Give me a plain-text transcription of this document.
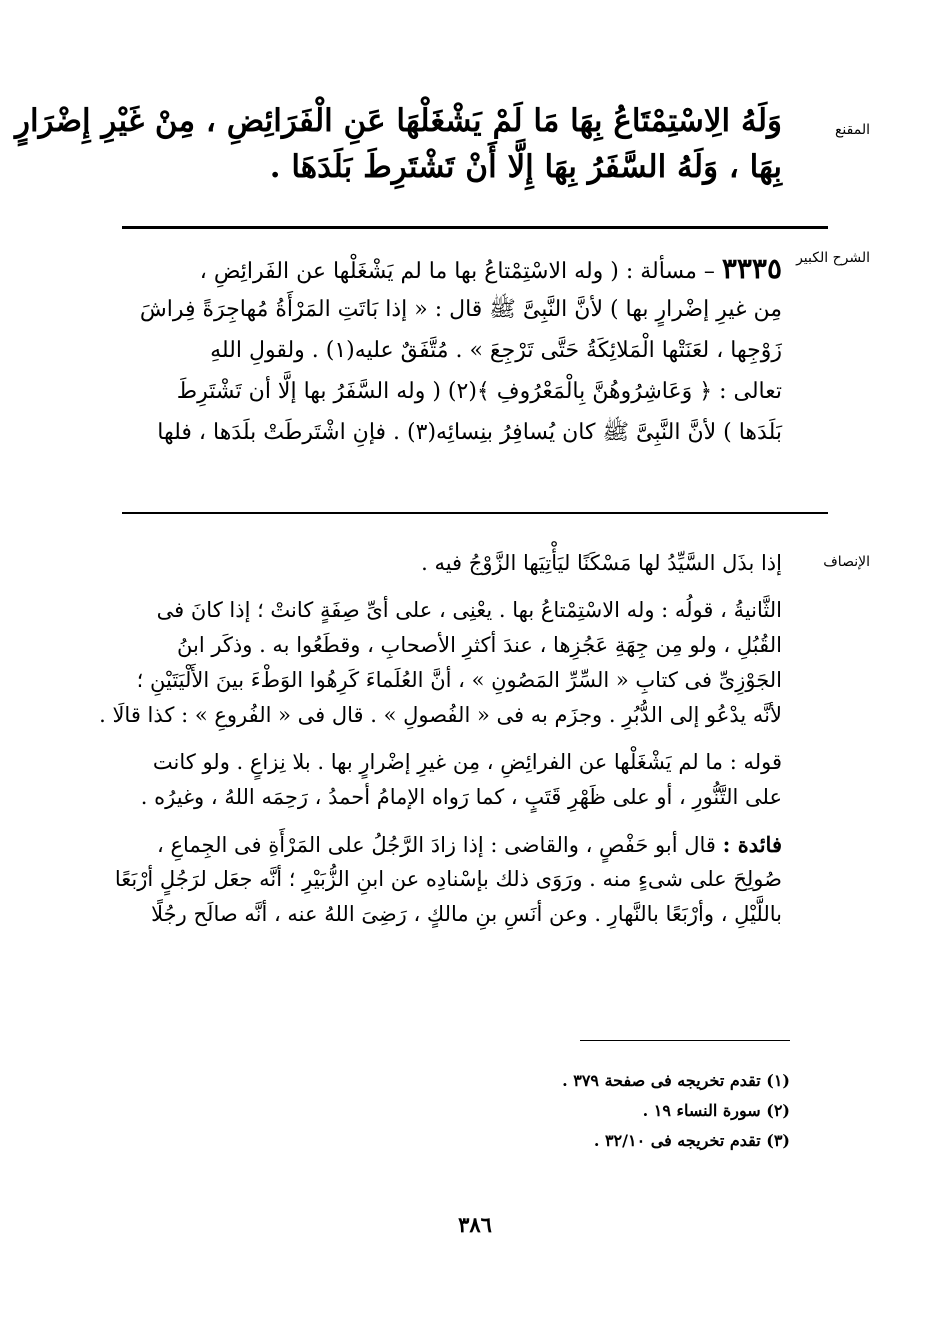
المقنع
الشرح الكبير
الإنصاف
وَلَهُ الِاسْتِمْتَاعُ بِهَا مَا لَمْ يَشْغَلْهَا عَنِ الْفَرَائِضِ ، مِنْ غَيْرِ إِضْرَارٍ
بِهَا ، وَلَهُ السَّفَرُ بِهَا إِلَّا أَنْ تَشْتَرِطَ بَلَدَهَا .
٣٣٣٥ – مسألة : ( وله الاسْتِمْتاعُ بها ما لم يَشْغَلْها عن الفَرائِضِ ،
مِن غيرِ إضْرارٍ بها ) لأنَّ النَّبِىَّ ﷺ قال : « إذا بَاتَتِ المَرْأَةُ مُهاجِرَةً فِراشَ
زَوْجِها ، لعَنَتْها الْمَلائِكَةُ حَتَّى تَرْجِعَ » . مُتَّفَقٌ عليه(١) . ولقولِ اللهِ
تعالى : ﴿ وَعَاشِرُوهُنَّ بِالْمَعْرُوفِ ﴾(٢) ( وله السَّفَرُ بها إلَّا أن تَشْتَرِطَ
بَلَدَها ) لأنَّ النَّبِىَّ ﷺ كان يُسافِرُ بنِسائِه(٣) . فإنِ اشْتَرطَتْ بلَدَها ، فلها
إذا بذَل السَّيِّدُ لها مَسْكَنًا ليَأْتِيَها الزَّوْجُ فيه .
الثَّانيةُ ، قولُه : وله الاسْتِمْتاعُ بها . يعْنِى ، على أىِّ صِفَةٍ كانتْ ؛ إذا كانَ فى
القُبُلِ ، ولو مِن جِهَةِ عَجُزِها ، عندَ أكثرِ الأصحابِ ، وقطَعُوا به . وذكَر ابنُ
الجَوْزِىِّ فى كتابِ « السِّرِّ المَصُونِ » ، أنَّ العُلَماءَ كَرِهُوا الوَطْءَ بينَ الأَلْيَتَيْنِ ؛
لأنَّه يدْعُو إلى الدُّبُرِ . وجزَم به فى « الفُصولِ » . قال فى « الفُروعِ » : كذا قالَا .
قوله : ما لم يَشْغَلْها عن الفرائِضِ ، مِن غيرِ إضْرارٍ بها . بلا نِزاعٍ . ولو كانت
على التَّنُّورِ ، أو على ظَهْرِ قَتَبٍ ، كما رَواه الإمامُ أحمدُ ، رَحِمَه اللهُ ، وغيرُه .
فائدة : قال أبو حَفْصٍ ، والقاضى : إذا زادَ الرَّجُلُ على المَرْأَةِ فى الجِماعِ ،
صُولِحَ على شىءٍ منه . ورَوَى ذلك بإسْنادِه عن ابنِ الزُّبَيْرِ ؛ أنَّه جعَل لرَجُلٍ أرْبَعًا
باللَّيْلِ ، وأرْبَعًا بالنَّهارِ . وعن أنَسِ بنِ مالكٍ ، رَضِىَ اللهُ عنه ، أنَّه صالَح رجُلًا
(١) تقدم تخريجه فى صفحة ٣٧٩ .
(٢) سورة النساء ١٩ .
(٣) تقدم تخريجه فى ٣٢/١٠ .
٣٨٦
